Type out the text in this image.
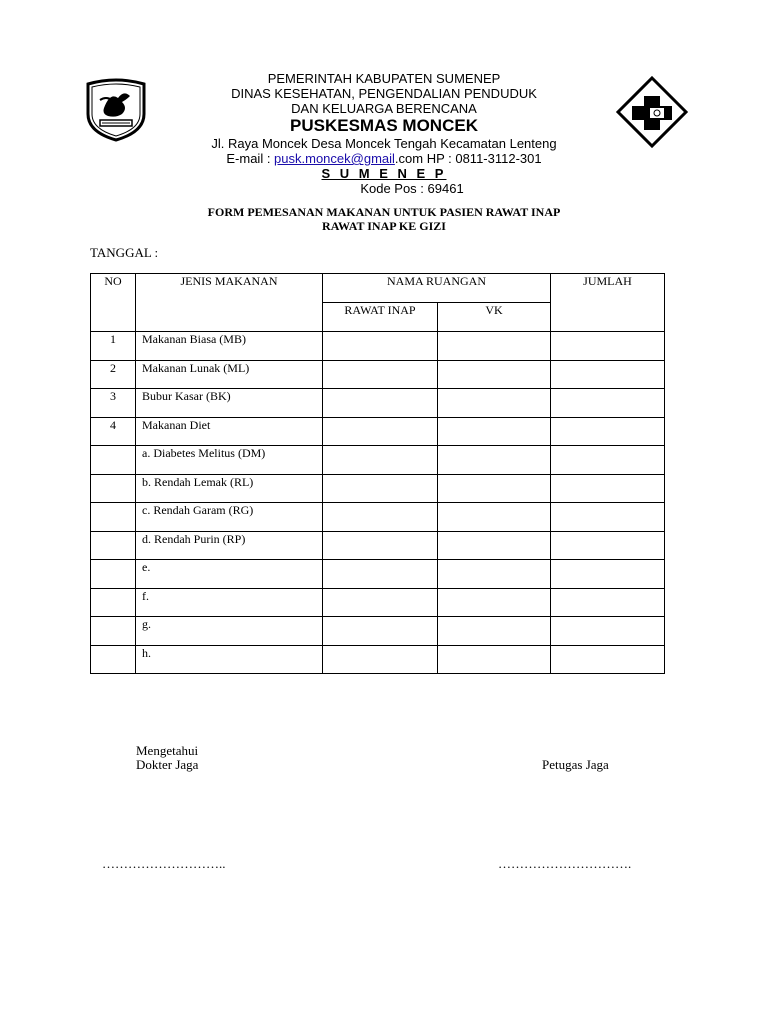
PEMERINTAH KABUPATEN SUMENEP
DINAS KESEHATAN, PENGENDALIAN PENDUDUK
DAN KELUARGA BERENCANA
PUSKESMAS MONCEK
Jl. Raya Moncek Desa Moncek Tengah Kecamatan Lenteng
E-mail : pusk.moncek@gmail.com HP : 0811-3112-301
S U M E N E P
Kode Pos : 69461
FORM PEMESANAN MAKANAN UNTUK PASIEN RAWAT INAP
RAWAT INAP KE GIZI
TANGGAL :
NO	JENIS MAKANAN	NAMA RUANGAN		JUMLAH
		RAWAT INAP	VK	
1	Makanan Biasa (MB)			
2	Makanan Lunak (ML)			
3	Bubur Kasar (BK)			
4	Makanan Diet			
	a. Diabetes Melitus (DM)			
	b. Rendah Lemak (RL)			
	c. Rendah Garam (RG)			
	d. Rendah Purin (RP)			
	e.			
	f.			
	g.			
	h.			
Mengetahui
Dokter Jaga	Petugas Jaga
………………………..	………………………….
